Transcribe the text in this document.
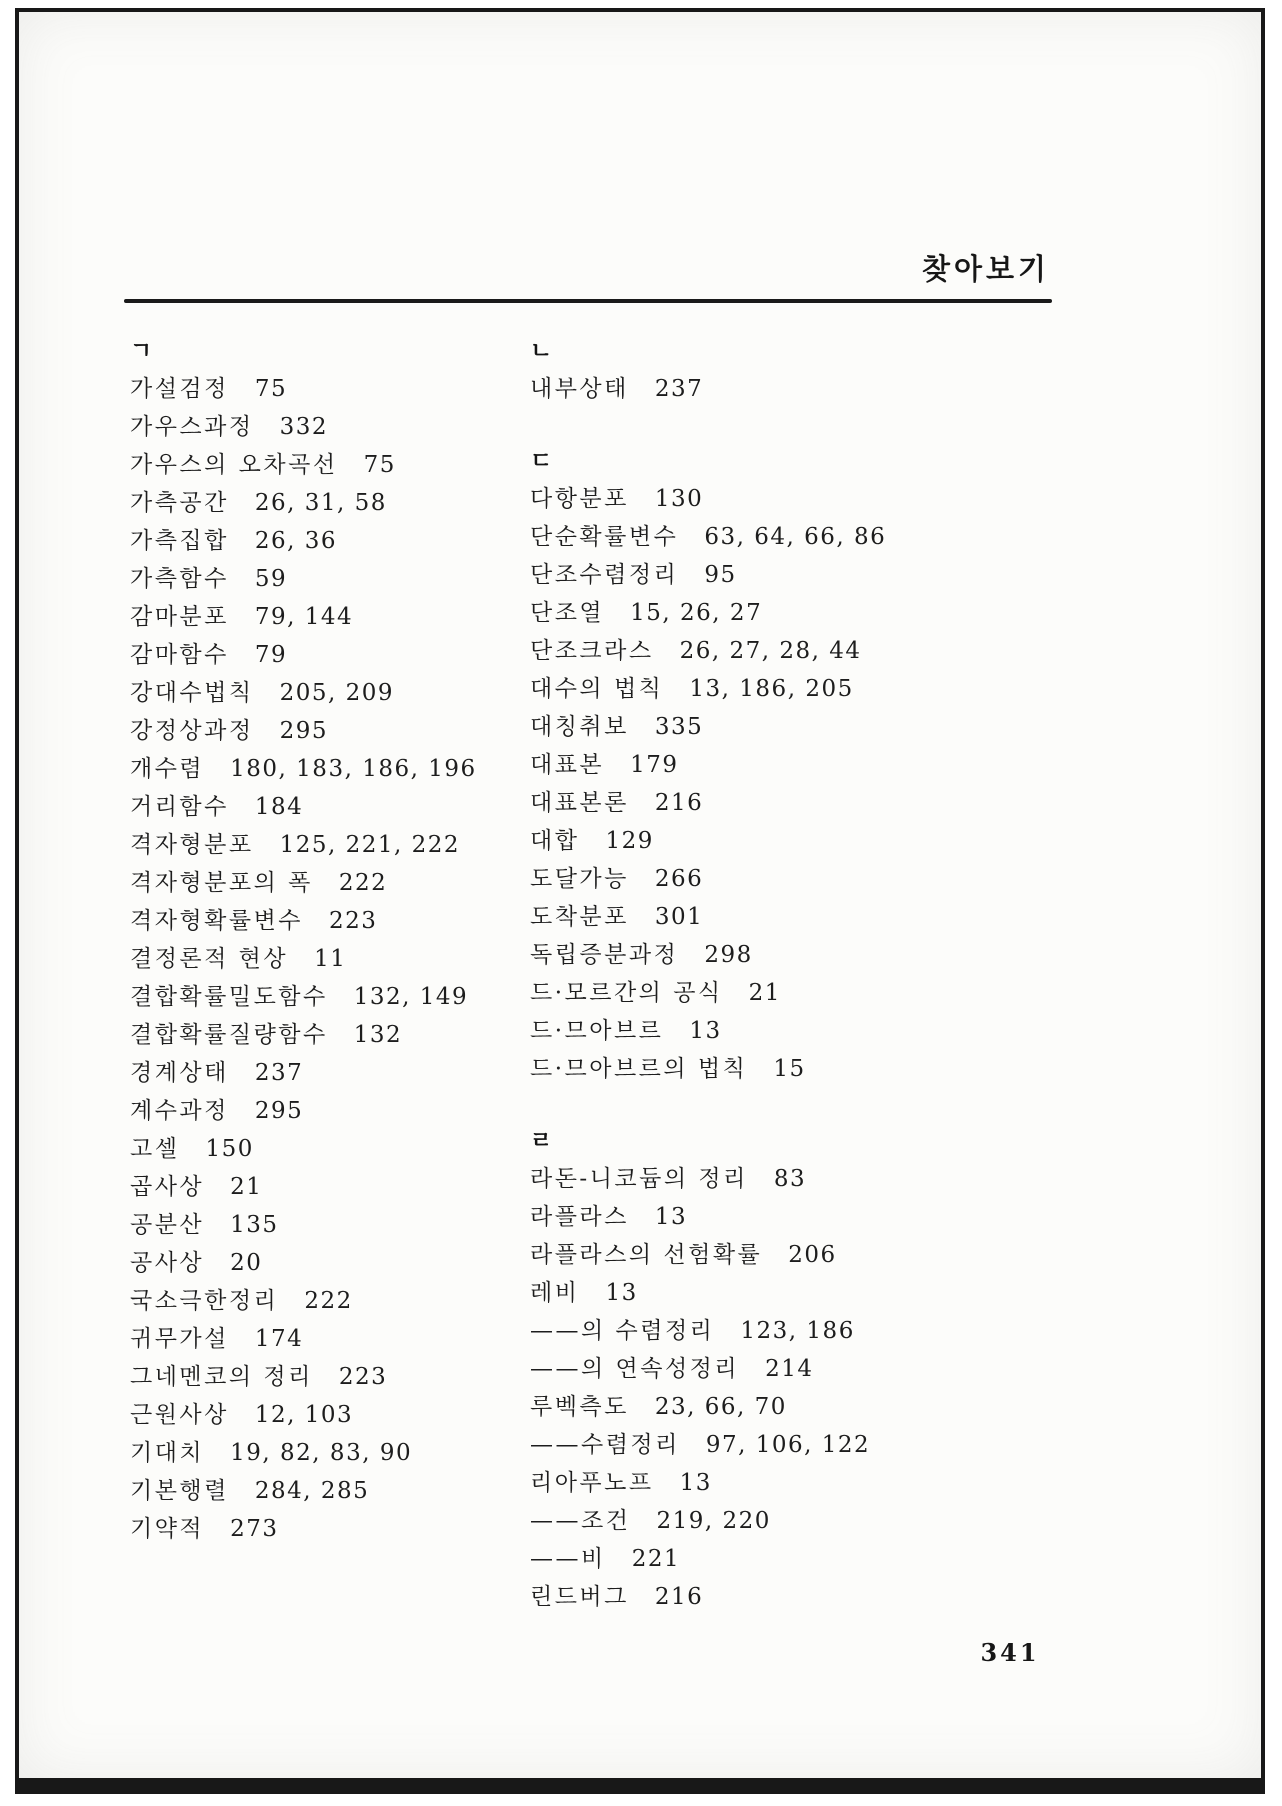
찾아보기
ㄱ
가설검정 75
가우스과정 332
가우스의 오차곡선 75
가측공간 26, 31, 58
가측집합 26, 36
가측함수 59
감마분포 79, 144
감마함수 79
강대수법칙 205, 209
강정상과정 295
개수렴 180, 183, 186, 196
거리함수 184
격자형분포 125, 221, 222
격자형분포의 폭 222
격자형확률변수 223
결정론적 현상 11
결합확률밀도함수 132, 149
결합확률질량함수 132
경계상태 237
계수과정 295
고셀 150
곱사상 21
공분산 135
공사상 20
국소극한정리 222
귀무가설 174
그네멘코의 정리 223
근원사상 12, 103
기대치 19, 82, 83, 90
기본행렬 284, 285
기약적 273
ㄴ
내부상태 237
ㄷ
다항분포 130
단순확률변수 63, 64, 66, 86
단조수렴정리 95
단조열 15, 26, 27
단조크라스 26, 27, 28, 44
대수의 법칙 13, 186, 205
대칭취보 335
대표본 179
대표본론 216
대합 129
도달가능 266
도착분포 301
독립증분과정 298
드·모르간의 공식 21
드·므아브르 13
드·므아브르의 법칙 15
ㄹ
라돈-니코듐의 정리 83
라플라스 13
라플라스의 선험확률 206
레비 13
——의 수렴정리 123, 186
——의 연속성정리 214
루벡측도 23, 66, 70
——수렴정리 97, 106, 122
리아푸노프 13
——조건 219, 220
——비 221
린드버그 216
341
